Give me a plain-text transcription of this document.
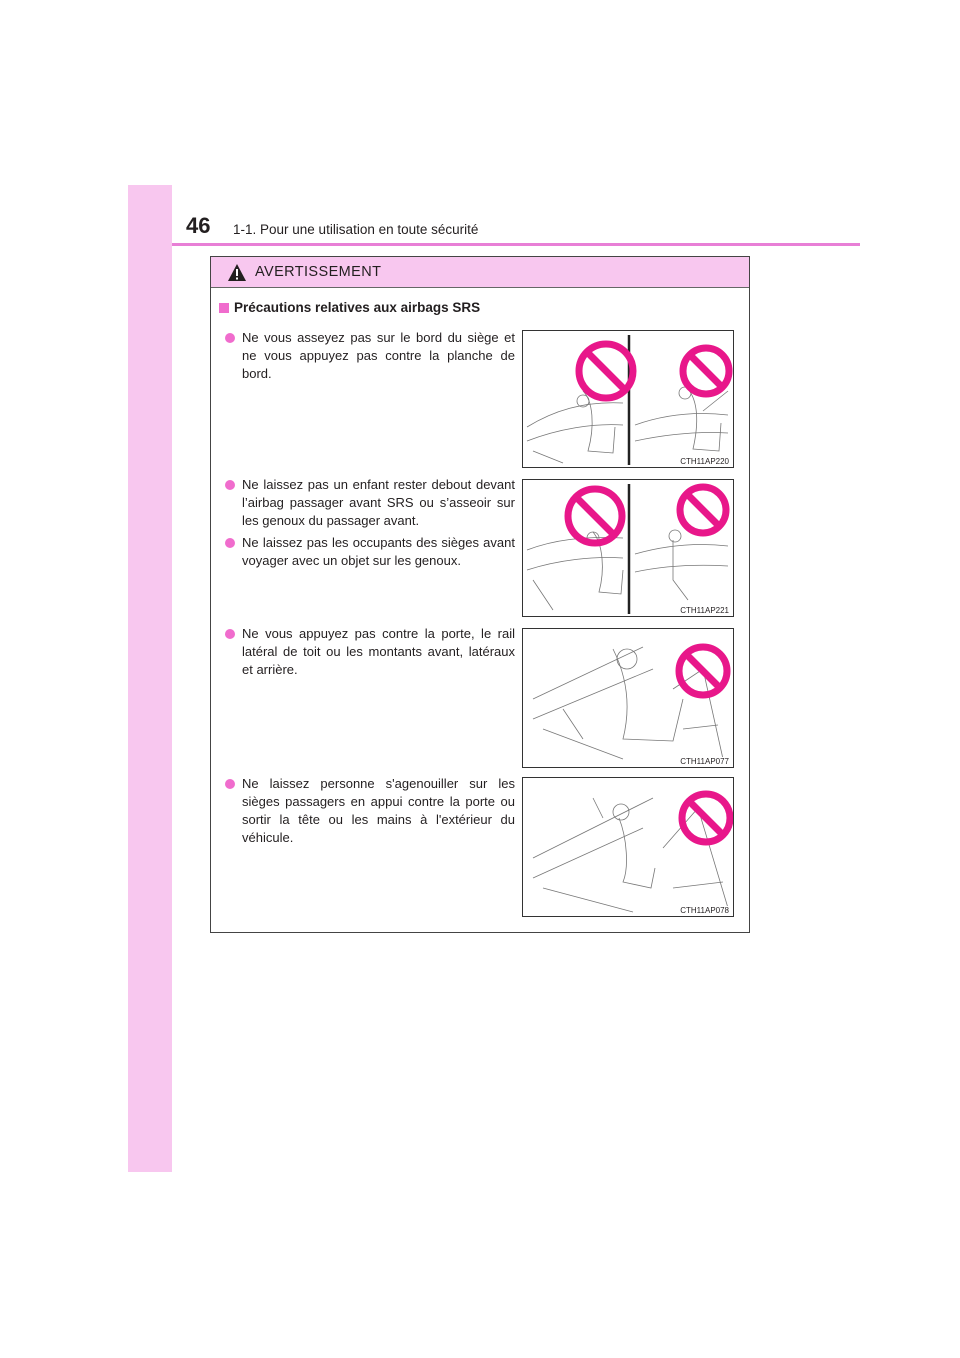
46 1-1. Pour une utilisation en toute sécurité
AVERTISSEMENT
Précautions relatives aux airbags SRS
Ne vous asseyez pas sur le bord du siège et ne vous appuyez pas contre la planche de bord.
Ne laissez pas un enfant rester debout devant l’airbag passager avant SRS ou s’asseoir sur les genoux du passager avant.
Ne laissez pas les occupants des sièges avant voyager avec un objet sur les genoux.
Ne vous appuyez pas contre la porte, le rail latéral de toit ou les montants avant, latéraux et arrière.
Ne laissez personne s'agenouiller sur les sièges passagers en appui contre la porte ou sortir la tête ou les mains à l'extérieur du véhicule.
CTH11AP220
CTH11AP221
CTH11AP077
CTH11AP078
